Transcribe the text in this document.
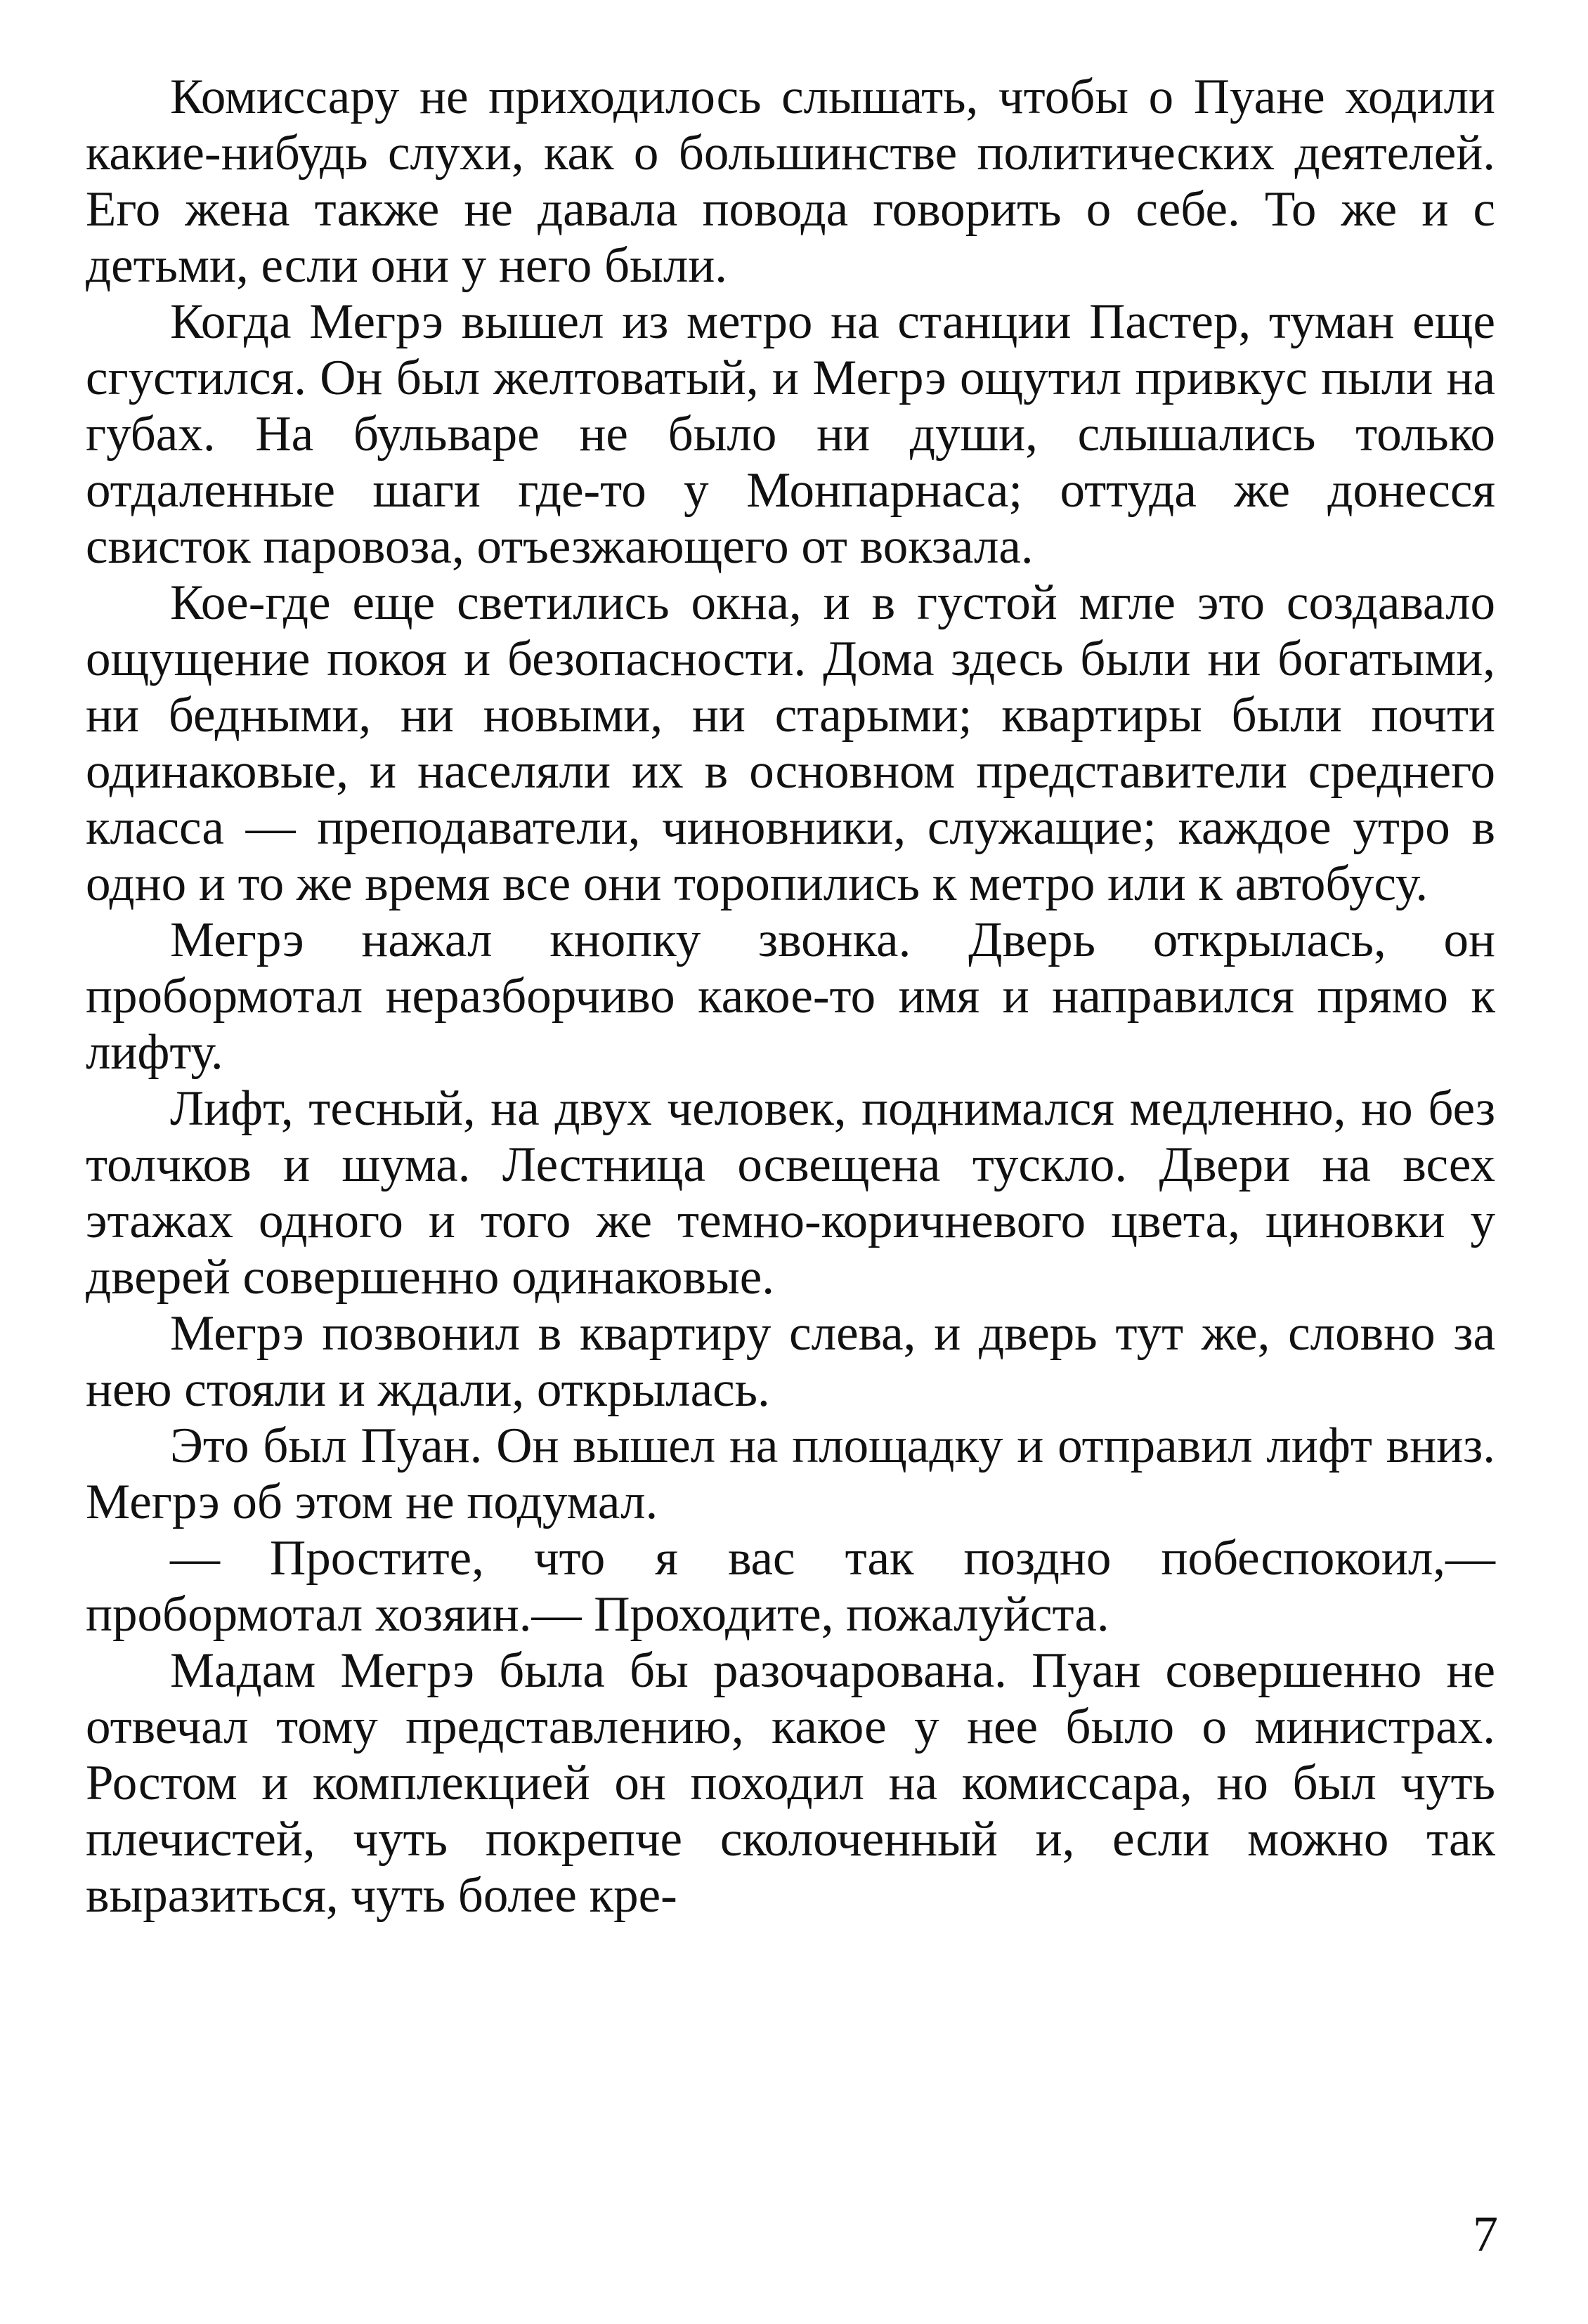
Комиссару не приходилось слышать, чтобы о Пуане ходили какие-нибудь слухи, как о большинстве политических деятелей. Его жена также не давала повода говорить о себе. То же и с детьми, если они у него были.

Когда Мегрэ вышел из метро на станции Пастер, туман еще сгустился. Он был желтоватый, и Мегрэ ощутил привкус пыли на губах. На бульваре не было ни души, слышались только отдаленные шаги где-то у Монпарнаса; оттуда же донесся свисток паровоза, отъезжающего от вокзала.

Кое-где еще светились окна, и в густой мгле это создавало ощущение покоя и безопасности. Дома здесь были ни богатыми, ни бедными, ни новыми, ни старыми; квартиры были почти одинаковые, и населяли их в основном представители среднего класса — преподаватели, чиновники, служащие; каждое утро в одно и то же время все они торопились к метро или к автобусу.

Мегрэ нажал кнопку звонка. Дверь открылась, он пробормотал неразборчиво какое-то имя и направился прямо к лифту.

Лифт, тесный, на двух человек, поднимался медленно, но без толчков и шума. Лестница освещена тускло. Двери на всех этажах одного и того же темно-коричневого цвета, циновки у дверей совершенно одинаковые.

Мегрэ позвонил в квартиру слева, и дверь тут же, словно за нею стояли и ждали, открылась.

Это был Пуан. Он вышел на площадку и отправил лифт вниз. Мегрэ об этом не подумал.

— Простите, что я вас так поздно побеспокоил,— пробормотал хозяин.— Проходите, пожалуйста.

Мадам Мегрэ была бы разочарована. Пуан совершенно не отвечал тому представлению, какое у нее было о министрах. Ростом и комплекцией он походил на комиссара, но был чуть плечистей, чуть покрепче сколоченный и, если можно так выразиться, чуть более кре-

7
